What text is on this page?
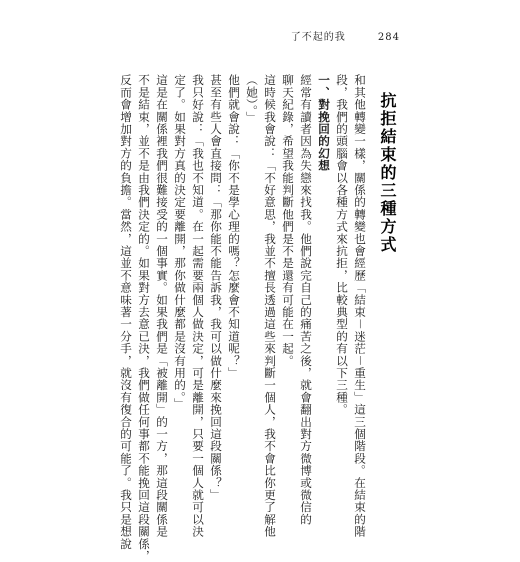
了不起的我	284
抗拒結束的三種方式
和其他轉變一樣，關係的轉變也會經歷「結束－迷茫－重生」這三個階段。在結束的階
段，我們的頭腦會以各種方式來抗拒，比較典型的有以下三種。
一、對挽回的幻想
經常有讀者因為失戀來找我。他們說完自己的痛苦之後，就會翻出對方微博或微信的
聊天紀錄，希望我能判斷他們是不是還有可能在一起。
這時候我會說：「不好意思，我並不擅長透過這些來判斷一個人，我不會比你更了解他
（她）。」
他們就會說：「你不是學心理的嗎？怎麼會不知道呢？」
甚至有些人會直接問：「那你能不能告訴我，我可以做什麼來挽回這段關係？」
我只好說：「我也不知道。在一起需要兩個人做決定，可是離開，只要一個人就可以決
定了。如果對方真的決定要離開，那你做什麼都是沒有用的。」
這是在關係裡我們很難接受的一個事實。如果我們是「被離開」的一方，那這段關係是
不是結束，並不是由我們決定的。如果對方去意已決，我們做任何事都不能挽回這段關係，
反而會增加對方的負擔。當然，這並不意味著一分手，就沒有復合的可能了。我只是想說
